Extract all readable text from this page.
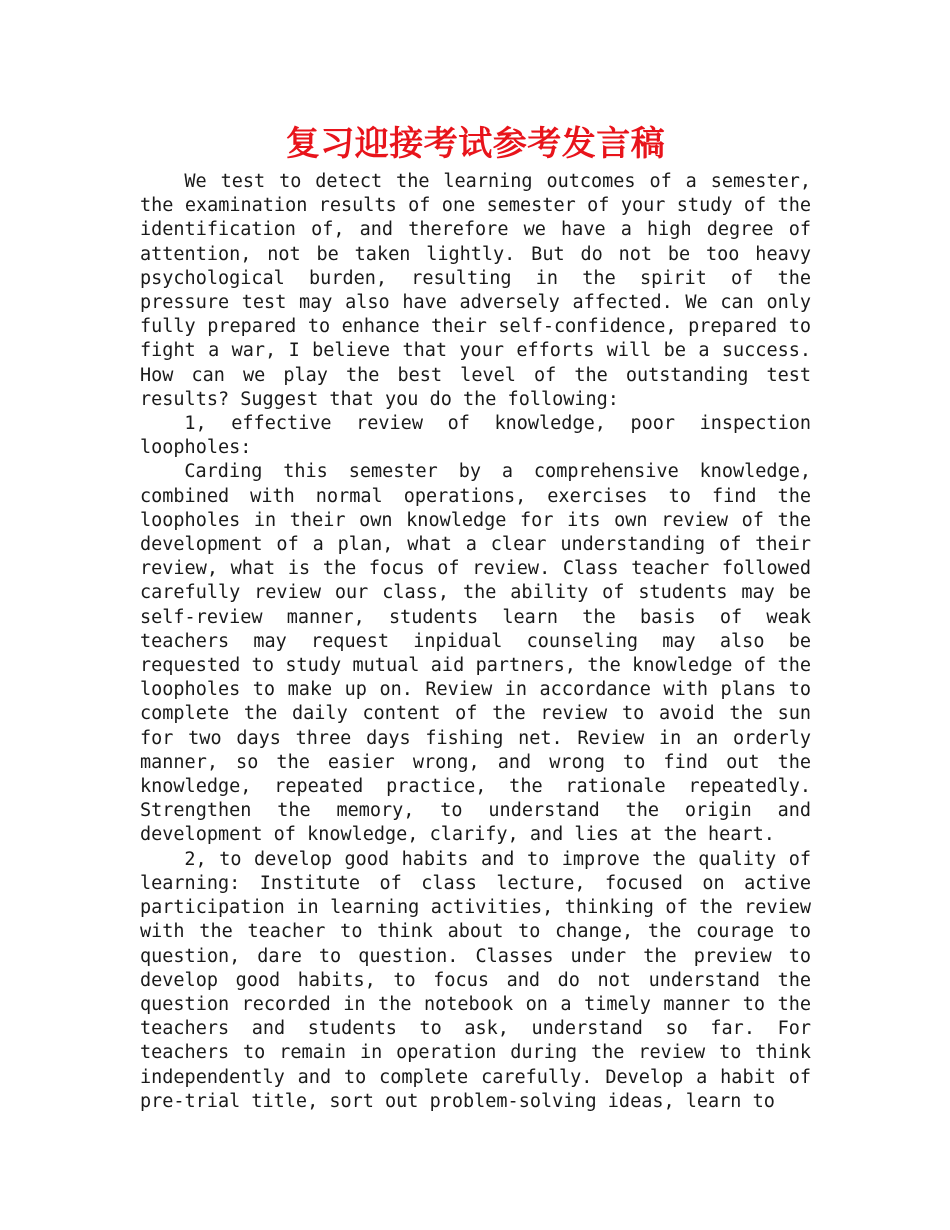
复习迎接考试参考发言稿

We test to detect the learning outcomes of a semester, the examination results of one semester of your study of the identification of, and therefore we have a high degree of attention, not be taken lightly. But do not be too heavy psychological burden, resulting in the spirit of the pressure test may also have adversely affected. We can only fully prepared to enhance their self-confidence, prepared to fight a war, I believe that your efforts will be a success. How can we play the best level of the outstanding test results? Suggest that you do the following:

1, effective review of knowledge, poor inspection loopholes:

Carding this semester by a comprehensive knowledge, combined with normal operations, exercises to find the loopholes in their own knowledge for its own review of the development of a plan, what a clear understanding of their review, what is the focus of review. Class teacher followed carefully review our class, the ability of students may be self-review manner, students learn the basis of weak teachers may request inpidual counseling may also be requested to study mutual aid partners, the knowledge of the loopholes to make up on. Review in accordance with plans to complete the daily content of the review to avoid the sun for two days three days fishing net. Review in an orderly manner, so the easier wrong, and wrong to find out the knowledge, repeated practice, the rationale repeatedly. Strengthen the memory, to understand the origin and development of knowledge, clarify, and lies at the heart.

2, to develop good habits and to improve the quality of learning: Institute of class lecture, focused on active participation in learning activities, thinking of the review with the teacher to think about to change, the courage to question, dare to question. Classes under the preview to develop good habits, to focus and do not understand the question recorded in the notebook on a timely manner to the teachers and students to ask, understand so far. For teachers to remain in operation during the review to think independently and to complete carefully. Develop a habit of pre-trial title, sort out problem-solving ideas, learn to
